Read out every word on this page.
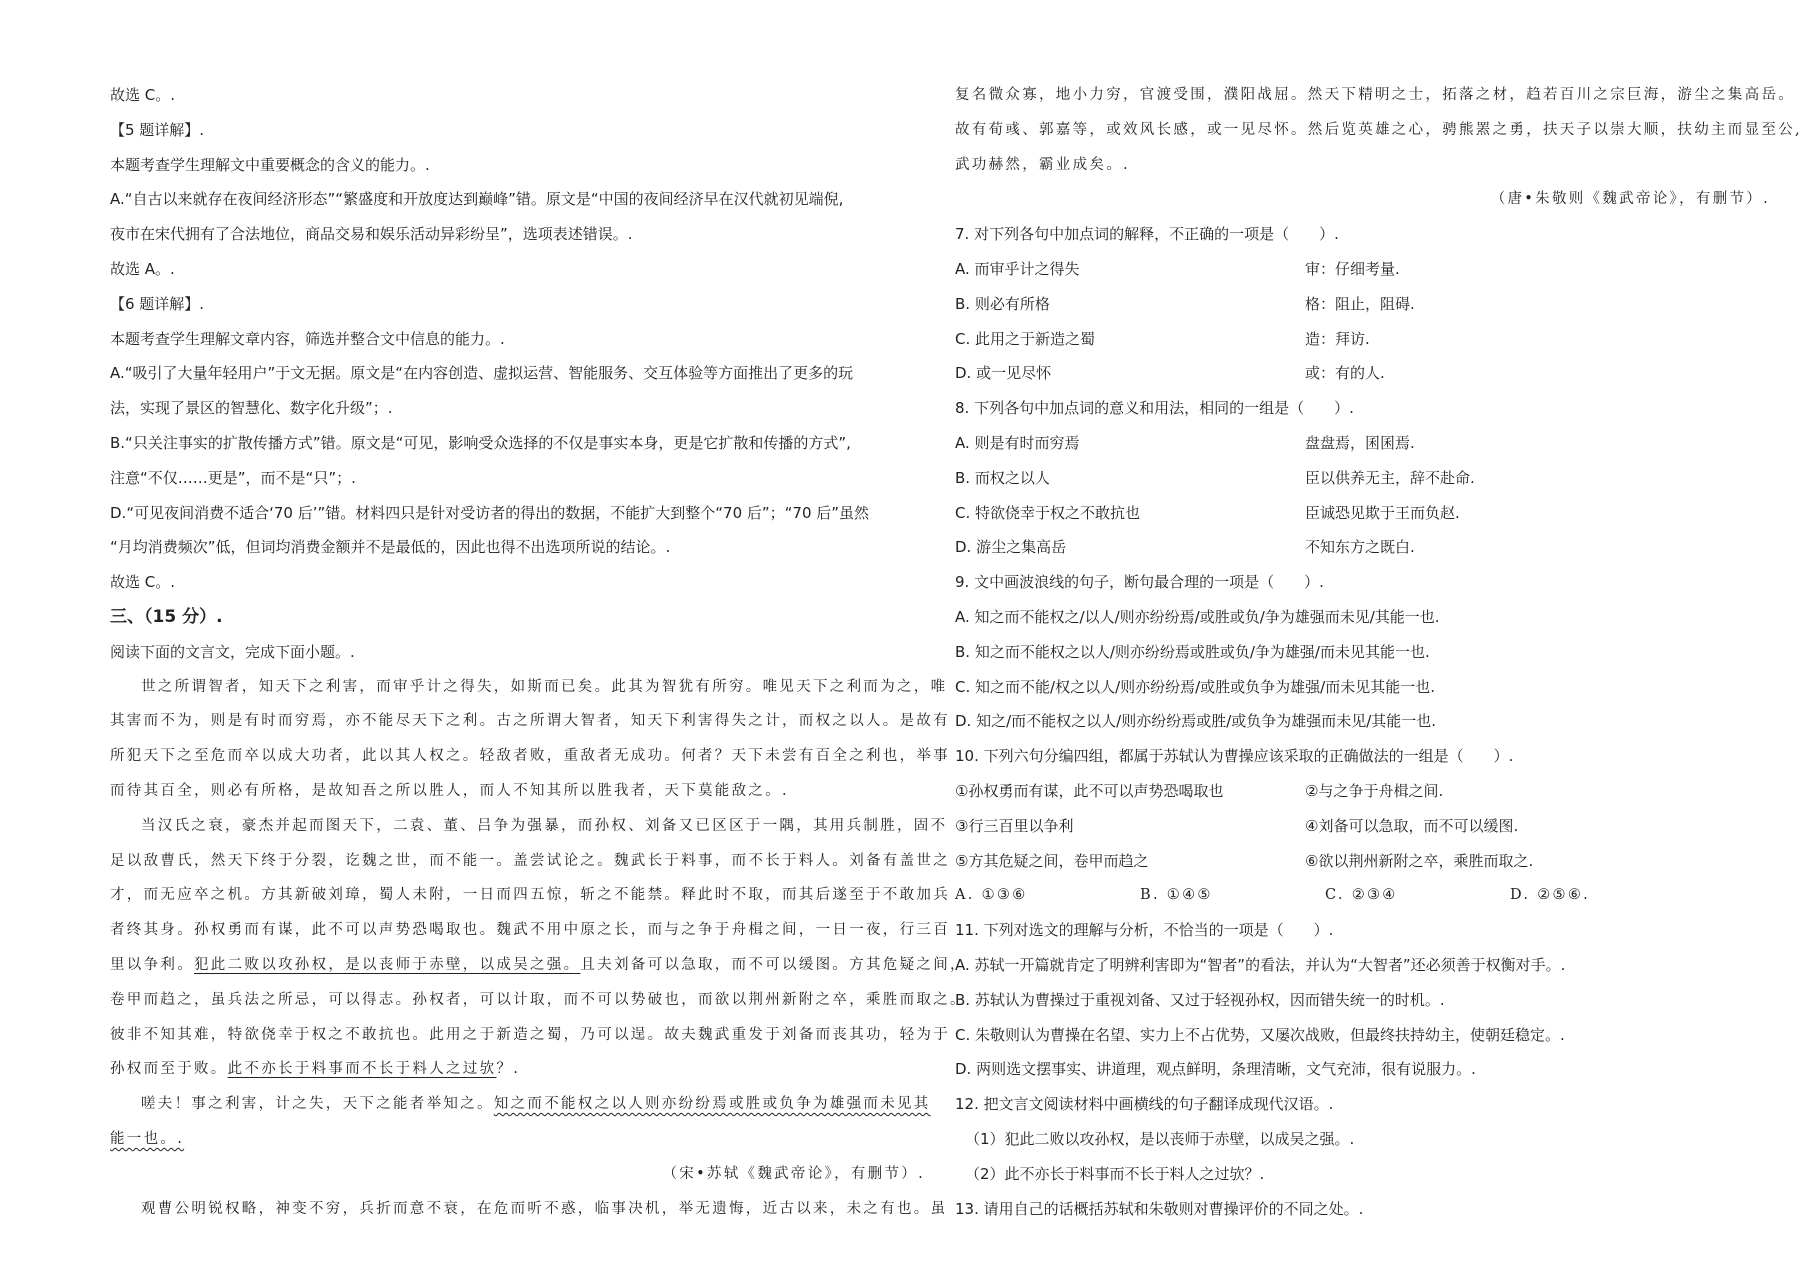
故选 C。.
【5 题详解】.
本题考查学生理解文中重要概念的含义的能力。.
A.“自古以来就存在夜间经济形态”“繁盛度和开放度达到巅峰”错。原文是“中国的夜间经济早在汉代就初见端倪,
夜市在宋代拥有了合法地位，商品交易和娱乐活动异彩纷呈”，选项表述错误。.
故选 A。.
【6 题详解】.
本题考查学生理解文章内容，筛选并整合文中信息的能力。.
A.“吸引了大量年轻用户”于文无据。原文是“在内容创造、虚拟运营、智能服务、交互体验等方面推出了更多的玩
法，实现了景区的智慧化、数字化升级”；.
B.“只关注事实的扩散传播方式”错。原文是“可见，影响受众选择的不仅是事实本身，更是它扩散和传播的方式”,
注意“不仅……更是”，而不是“只”；.
D.“可见夜间消费不适合‘70 后’”错。材料四只是针对受访者的得出的数据，不能扩大到整个“70 后”；“70 后”虽然
“月均消费频次”低，但词均消费金额并不是最低的，因此也得不出选项所说的结论。.
故选 C。.
三、（15 分）.
阅读下面的文言文，完成下面小题。.
世之所谓智者，知天下之利害，而审乎计之得失，如斯而已矣。此其为智犹有所穷。唯见天下之利而为之，唯
其害而不为，则是有时而穷焉，亦不能尽天下之利。古之所谓大智者，知天下利害得失之计，而权之以人。是故有
所犯天下之至危而卒以成大功者，此以其人权之。轻敌者败，重敌者无成功。何者？天下未尝有百全之利也，举事
而待其百全，则必有所格，是故知吾之所以胜人，而人不知其所以胜我者，天下莫能敌之。.
当汉氏之衰，豪杰并起而图天下，二袁、董、吕争为强暴，而孙权、刘备又已区区于一隅，其用兵制胜，固不
足以敌曹氏，然天下终于分裂，讫魏之世，而不能一。盖尝试论之。魏武长于料事，而不长于料人。刘备有盖世之
才，而无应卒之机。方其新破刘璋，蜀人未附，一日而四五惊，斩之不能禁。释此时不取，而其后遂至于不敢加兵
者终其身。孙权勇而有谋，此不可以声势恐喝取也。魏武不用中原之长，而与之争于舟楫之间，一日一夜，行三百
里以争利。犯此二败以攻孙权，是以丧师于赤壁，以成吴之强。且夫刘备可以急取，而不可以缓图。方其危疑之间，
卷甲而趋之，虽兵法之所忌，可以得志。孙权者，可以计取，而不可以势破也，而欲以荆州新附之卒，乘胜而取之。
彼非不知其难，特欲侥幸于权之不敢抗也。此用之于新造之蜀，乃可以逞。故夫魏武重发于刘备而丧其功，轻为于
孙权而至于败。此不亦长于料事而不长于料人之过欤？.
嗟夫！事之利害，计之失，天下之能者举知之。知之而不能权之以人则亦纷纷焉或胜或负争为雄强而未见其
能一也。.
（宋•苏轼《魏武帝论》，有删节）.
观曹公明锐权略，神变不穷，兵折而意不衰，在危而听不惑，临事决机，举无遗悔，近古以来，未之有也。虽
复名微众寡，地小力穷，官渡受围，濮阳战屈。然天下精明之士，拓落之材，趋若百川之宗巨海，游尘之集高岳。
故有荀彧、郭嘉等，或效风长感，或一见尽怀。然后览英雄之心，骋熊罴之勇，扶天子以崇大顺，扶幼主而显至公,
武功赫然，霸业成矣。.
（唐•朱敬则《魏武帝论》，有删节）.
7. 对下列各句中加点词的解释，不正确的一项是（　　）.
A. 而审乎计之得失	审：仔细考量.
B. 则必有所格	格：阻止，阻碍.
C. 此用之于新造之蜀	造：拜访.
D. 或一见尽怀	或：有的人.
8. 下列各句中加点词的意义和用法，相同的一组是（　　）.
A. 则是有时而穷焉	盘盘焉，囷囷焉.
B. 而权之以人	臣以供养无主，辞不赴命.
C. 特欲侥幸于权之不敢抗也	臣诚恐见欺于王而负赵.
D. 游尘之集高岳	不知东方之既白.
9. 文中画波浪线的句子，断句最合理的一项是（　　）.
A. 知之而不能权之/以人/则亦纷纷焉/或胜或负/争为雄强而未见/其能一也.
B. 知之而不能权之以人/则亦纷纷焉或胜或负/争为雄强/而未见其能一也.
C. 知之而不能/权之以人/则亦纷纷焉/或胜或负争为雄强/而未见其能一也.
D. 知之/而不能权之以人/则亦纷纷焉或胜/或负争为雄强而未见/其能一也.
10. 下列六句分编四组，都属于苏轼认为曹操应该采取的正确做法的一组是（　　）.
①孙权勇而有谋，此不可以声势恐喝取也	②与之争于舟楫之间.
③行三百里以争利	④刘备可以急取，而不可以缓图.
⑤方其危疑之间，卷甲而趋之	⑥欲以荆州新附之卒，乘胜而取之.
A. ①③⑥	B. ①④⑤	C. ②③④	D. ②⑤⑥.
11. 下列对选文的理解与分析，不恰当的一项是（　　）.
A. 苏轼一开篇就肯定了明辨利害即为“智者”的看法，并认为“大智者”还必须善于权衡对手。.
B. 苏轼认为曹操过于重视刘备、又过于轻视孙权，因而错失统一的时机。.
C. 朱敬则认为曹操在名望、实力上不占优势，又屡次战败，但最终扶持幼主，使朝廷稳定。.
D. 两则选文摆事实、讲道理，观点鲜明，条理清晰，文气充沛，很有说服力。.
12. 把文言文阅读材料中画横线的句子翻译成现代汉语。.
（1）犯此二败以攻孙权，是以丧师于赤壁，以成吴之强。.
（2）此不亦长于料事而不长于料人之过欤？.
13. 请用自己的话概括苏轼和朱敬则对曹操评价的不同之处。.
